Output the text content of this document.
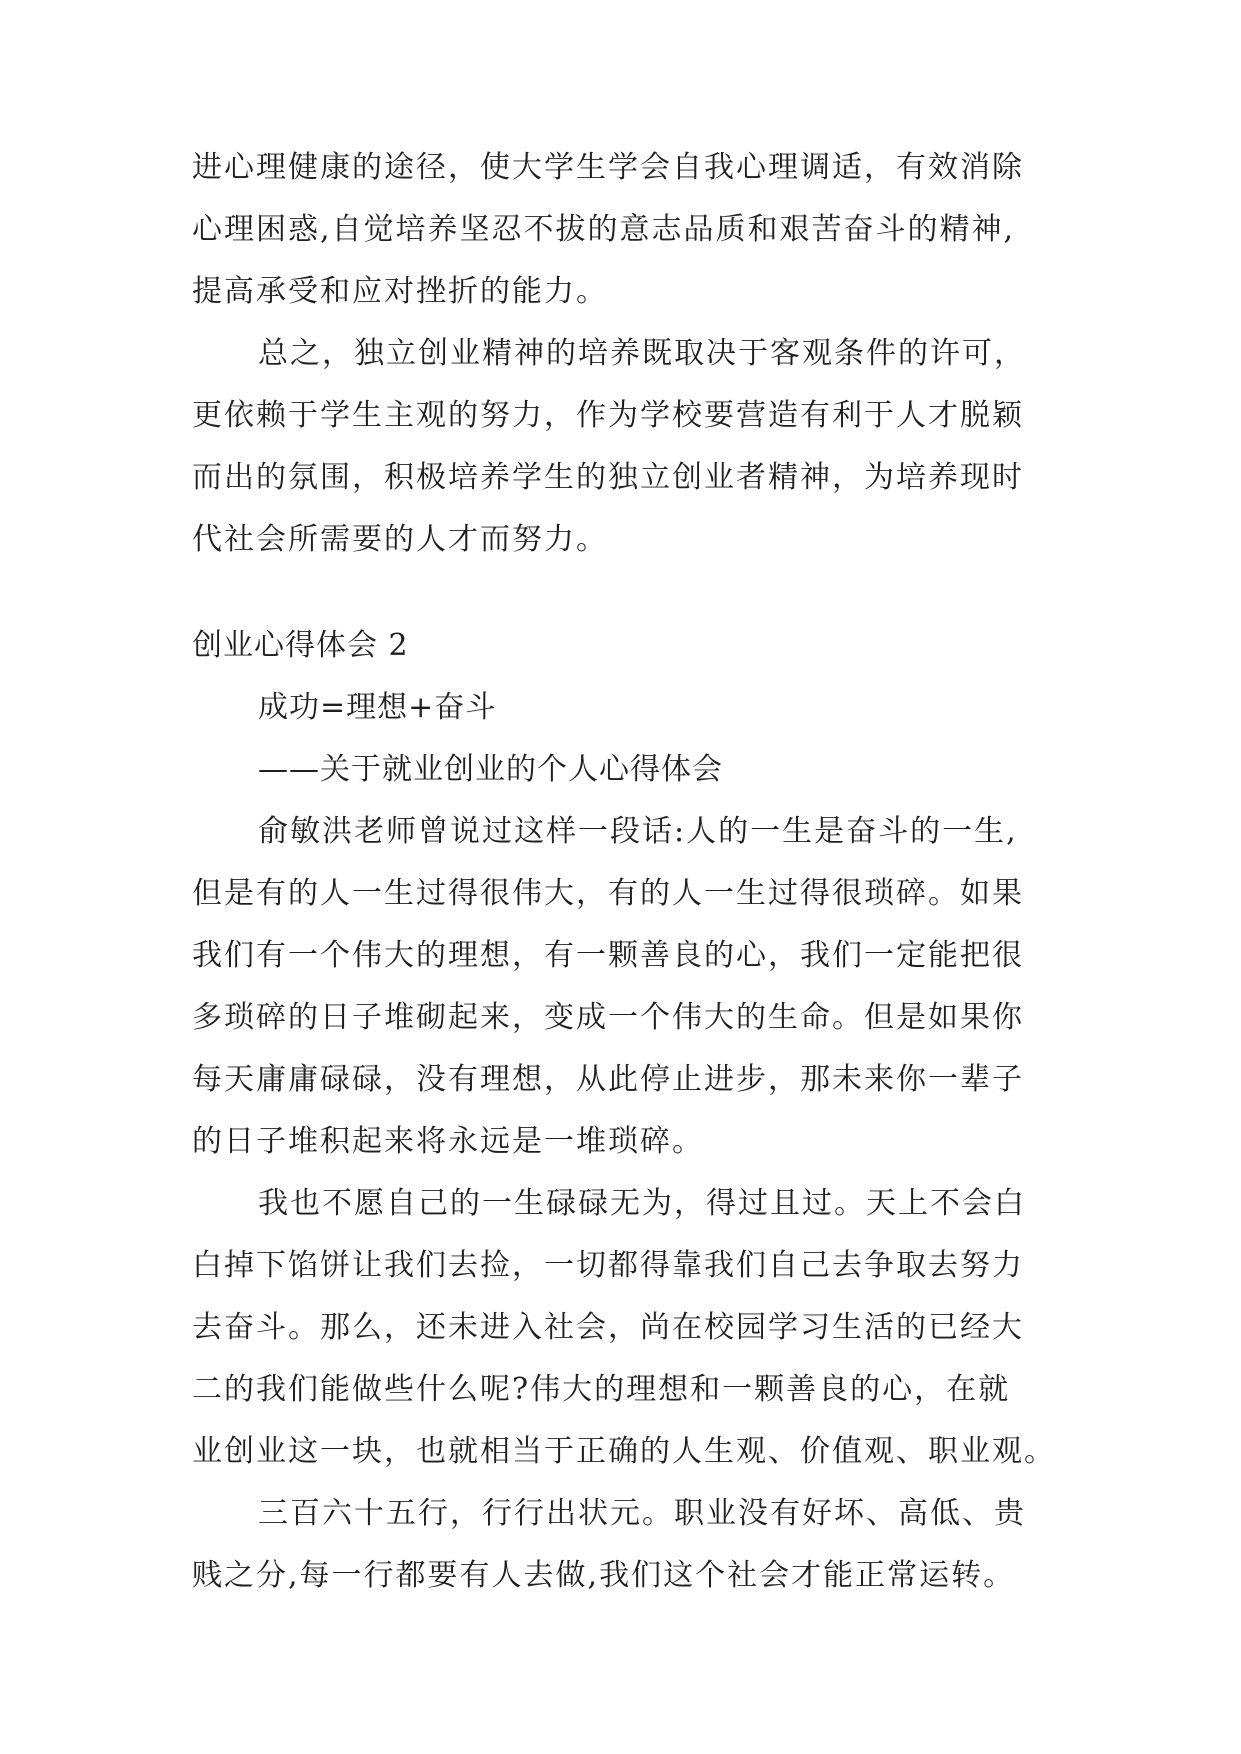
进心理健康的途径，使大学生学会自我心理调适，有效消除
心理困惑,自觉培养坚忍不拔的意志品质和艰苦奋斗的精神,
提高承受和应对挫折的能力。
总之，独立创业精神的培养既取决于客观条件的许可，
更依赖于学生主观的努力，作为学校要营造有利于人才脱颖
而出的氛围，积极培养学生的独立创业者精神，为培养现时
代社会所需要的人才而努力。
创业心得体会 2
成功=理想+奋斗
——关于就业创业的个人心得体会
俞敏洪老师曾说过这样一段话:人的一生是奋斗的一生,
但是有的人一生过得很伟大，有的人一生过得很琐碎。如果
我们有一个伟大的理想，有一颗善良的心，我们一定能把很
多琐碎的日子堆砌起来，变成一个伟大的生命。但是如果你
每天庸庸碌碌，没有理想，从此停止进步，那未来你一辈子
的日子堆积起来将永远是一堆琐碎。
我也不愿自己的一生碌碌无为，得过且过。天上不会白
白掉下馅饼让我们去捡，一切都得靠我们自己去争取去努力
去奋斗。那么，还未进入社会，尚在校园学习生活的已经大
二的我们能做些什么呢?伟大的理想和一颗善良的心，在就
业创业这一块，也就相当于正确的人生观、价值观、职业观。
三百六十五行，行行出状元。职业没有好坏、高低、贵
贱之分,每一行都要有人去做,我们这个社会才能正常运转。
